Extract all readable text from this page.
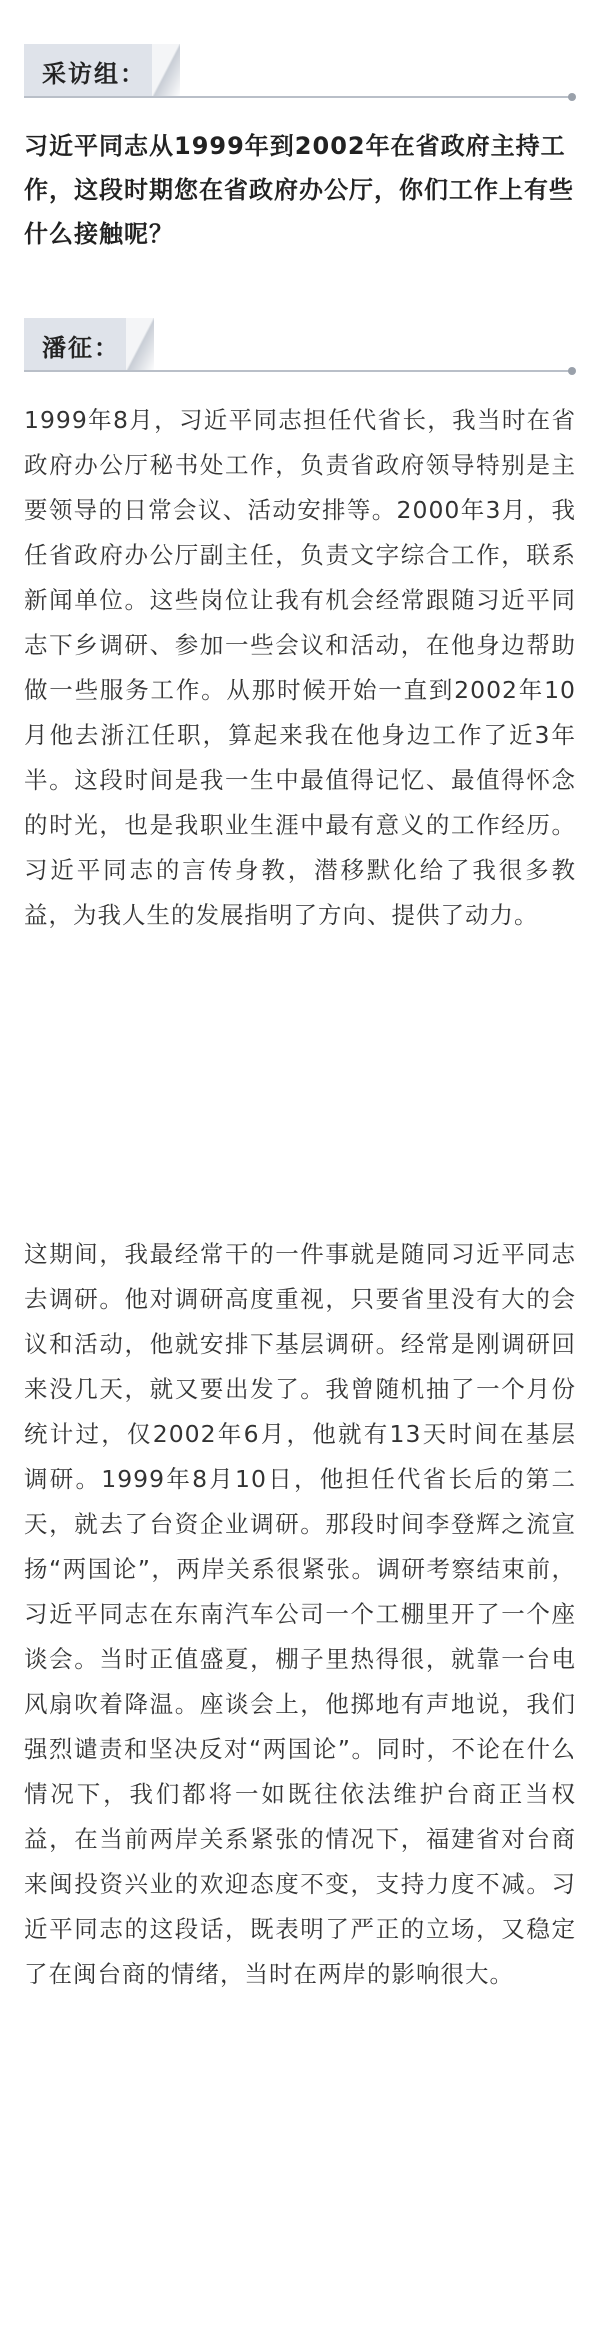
采访组：

习近平同志从1999年到2002年在省政府主持工作，这段时期您在省政府办公厅，你们工作上有些什么接触呢？

潘征：

1999年8月，习近平同志担任代省长，我当时在省政府办公厅秘书处工作，负责省政府领导特别是主要领导的日常会议、活动安排等。2000年3月，我任省政府办公厅副主任，负责文字综合工作，联系新闻单位。这些岗位让我有机会经常跟随习近平同志下乡调研、参加一些会议和活动，在他身边帮助做一些服务工作。从那时候开始一直到2002年10月他去浙江任职，算起来我在他身边工作了近3年半。这段时间是我一生中最值得记忆、最值得怀念的时光，也是我职业生涯中最有意义的工作经历。习近平同志的言传身教，潜移默化给了我很多教益，为我人生的发展指明了方向、提供了动力。

这期间，我最经常干的一件事就是随同习近平同志去调研。他对调研高度重视，只要省里没有大的会议和活动，他就安排下基层调研。经常是刚调研回来没几天，就又要出发了。我曾随机抽了一个月份统计过，仅2002年6月，他就有13天时间在基层调研。1999年8月10日，他担任代省长后的第二天，就去了台资企业调研。那段时间李登辉之流宣扬“两国论”，两岸关系很紧张。调研考察结束前，习近平同志在东南汽车公司一个工棚里开了一个座谈会。当时正值盛夏，棚子里热得很，就靠一台电风扇吹着降温。座谈会上，他掷地有声地说，我们强烈谴责和坚决反对“两国论”。同时，不论在什么情况下，我们都将一如既往依法维护台商正当权益，在当前两岸关系紧张的情况下，福建省对台商来闽投资兴业的欢迎态度不变，支持力度不减。习近平同志的这段话，既表明了严正的立场，又稳定了在闽台商的情绪，当时在两岸的影响很大。
